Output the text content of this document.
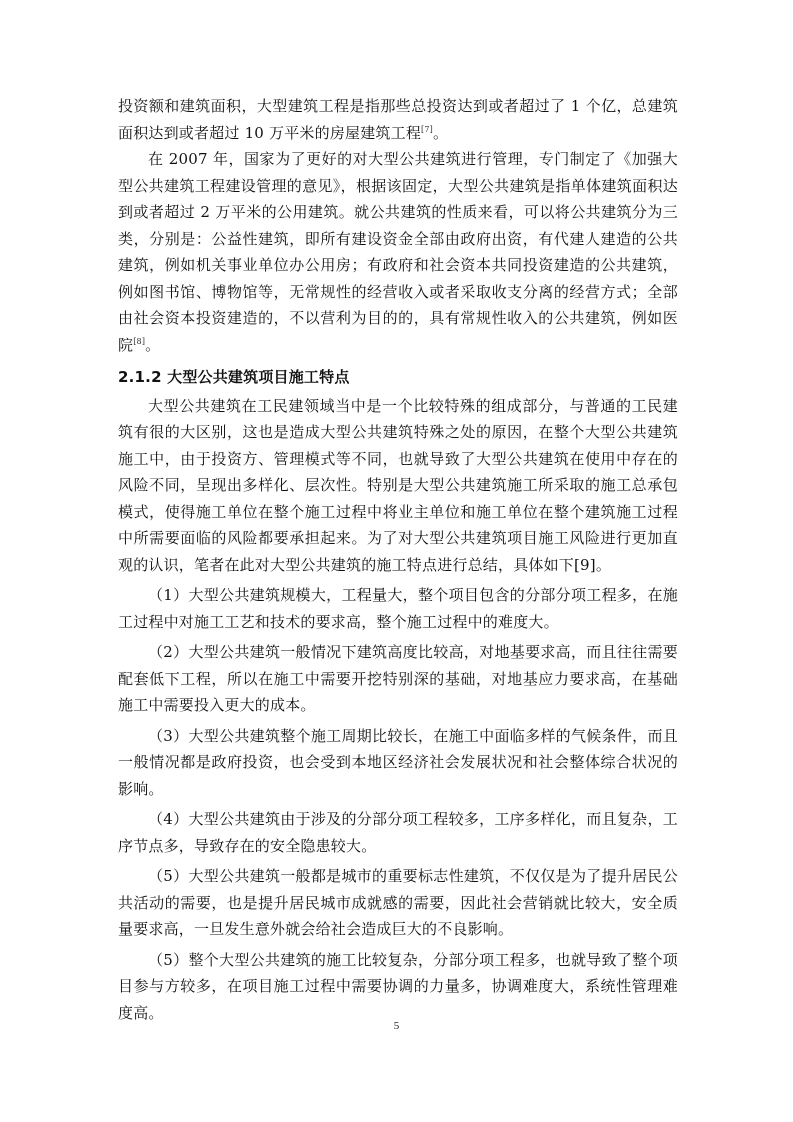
投资额和建筑面积，大型建筑工程是指那些总投资达到或者超过了 1 个亿，总建筑面积达到或者超过 10 万平米的房屋建筑工程[7]。

在 2007 年，国家为了更好的对大型公共建筑进行管理，专门制定了《加强大型公共建筑工程建设管理的意见》，根据该固定，大型公共建筑是指单体建筑面积达到或者超过 2 万平米的公用建筑。就公共建筑的性质来看，可以将公共建筑分为三类，分别是：公益性建筑，即所有建设资金全部由政府出资，有代建人建造的公共建筑，例如机关事业单位办公用房；有政府和社会资本共同投资建造的公共建筑，例如图书馆、博物馆等，无常规性的经营收入或者采取收支分离的经营方式；全部由社会资本投资建造的，不以营利为目的的，具有常规性收入的公共建筑，例如医院[8]。

2.1.2 大型公共建筑项目施工特点

大型公共建筑在工民建领域当中是一个比较特殊的组成部分，与普通的工民建筑有很的大区别，这也是造成大型公共建筑特殊之处的原因，在整个大型公共建筑施工中，由于投资方、管理模式等不同，也就导致了大型公共建筑在使用中存在的风险不同，呈现出多样化、层次性。特别是大型公共建筑施工所采取的施工总承包模式，使得施工单位在整个施工过程中将业主单位和施工单位在整个建筑施工过程中所需要面临的风险都要承担起来。为了对大型公共建筑项目施工风险进行更加直观的认识，笔者在此对大型公共建筑的施工特点进行总结，具体如下[9]。

（1）大型公共建筑规模大，工程量大，整个项目包含的分部分项工程多，在施工过程中对施工工艺和技术的要求高，整个施工过程中的难度大。

（2）大型公共建筑一般情况下建筑高度比较高，对地基要求高，而且往往需要配套低下工程，所以在施工中需要开挖特别深的基础，对地基应力要求高，在基础施工中需要投入更大的成本。

（3）大型公共建筑整个施工周期比较长，在施工中面临多样的气候条件，而且一般情况都是政府投资，也会受到本地区经济社会发展状况和社会整体综合状况的影响。

（4）大型公共建筑由于涉及的分部分项工程较多，工序多样化，而且复杂，工序节点多，导致存在的安全隐患较大。

（5）大型公共建筑一般都是城市的重要标志性建筑，不仅仅是为了提升居民公共活动的需要，也是提升居民城市成就感的需要，因此社会营销就比较大，安全质量要求高，一旦发生意外就会给社会造成巨大的不良影响。

（5）整个大型公共建筑的施工比较复杂，分部分项工程多，也就导致了整个项目参与方较多，在项目施工过程中需要协调的力量多，协调难度大，系统性管理难度高。

5
